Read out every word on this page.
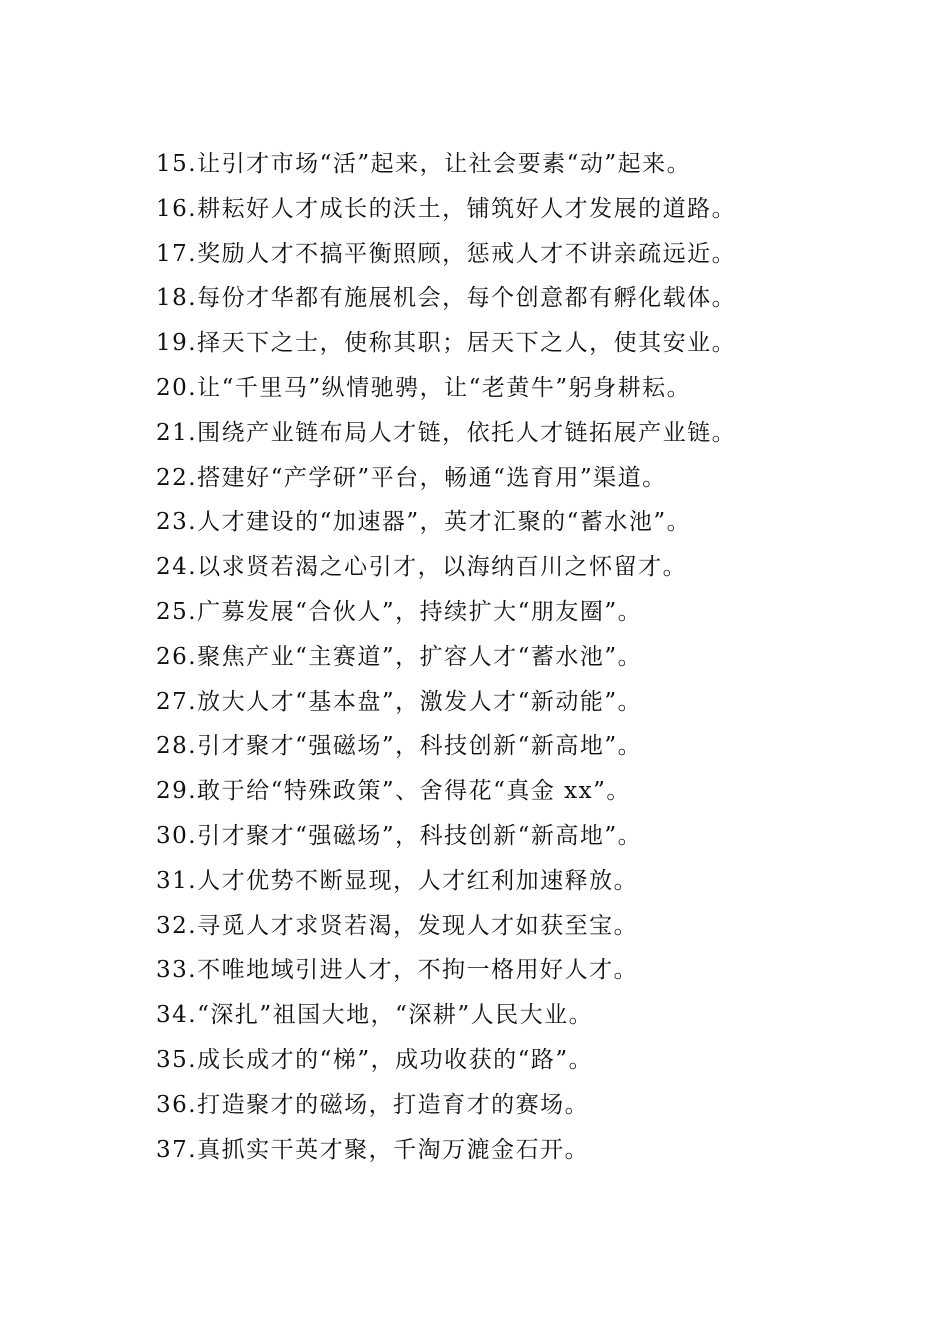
15.让引才市场“活”起来，让社会要素“动”起来。
16.耕耘好人才成长的沃土，铺筑好人才发展的道路。
17.奖励人才不搞平衡照顾，惩戒人才不讲亲疏远近。
18.每份才华都有施展机会，每个创意都有孵化载体。
19.择天下之士，使称其职；居天下之人，使其安业。
20.让“千里马”纵情驰骋，让“老黄牛”躬身耕耘。
21.围绕产业链布局人才链，依托人才链拓展产业链。
22.搭建好“产学研”平台，畅通“选育用”渠道。
23.人才建设的“加速器”，英才汇聚的“蓄水池”。
24.以求贤若渴之心引才，以海纳百川之怀留才。
25.广募发展“合伙人”，持续扩大“朋友圈”。
26.聚焦产业“主赛道”，扩容人才“蓄水池”。
27.放大人才“基本盘”，激发人才“新动能”。
28.引才聚才“强磁场”，科技创新“新高地”。
29.敢于给“特殊政策”、舍得花“真金 xx”。
30.引才聚才“强磁场”，科技创新“新高地”。
31.人才优势不断显现，人才红利加速释放。
32.寻觅人才求贤若渴，发现人才如获至宝。
33.不唯地域引进人才，不拘一格用好人才。
34.“深扎”祖国大地，“深耕”人民大业。
35.成长成才的“梯”，成功收获的“路”。
36.打造聚才的磁场，打造育才的赛场。
37.真抓实干英才聚，千淘万漉金石开。
